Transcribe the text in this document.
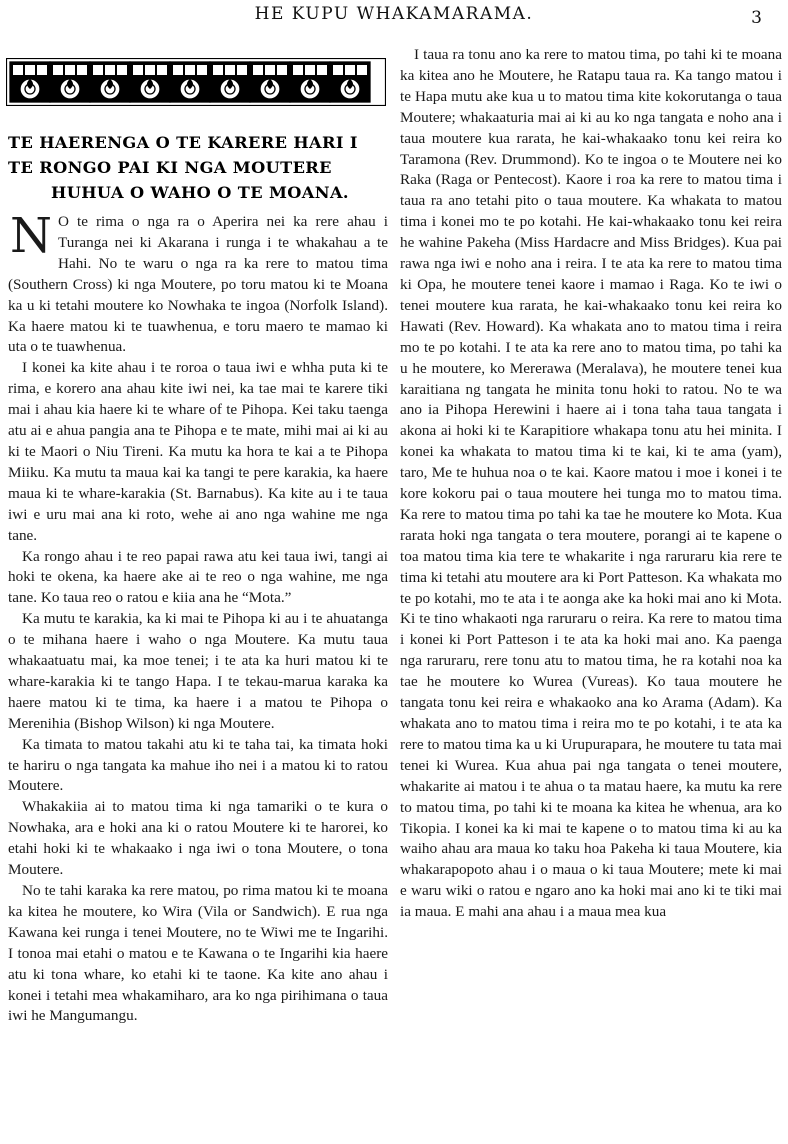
HE KUPU WHAKAMARAMA.	3
TE HAERENGA O TE KARERE HARI I
TE RONGO PAI KI NGA MOUTERE
HUHUA O WAHO O TE MOANA.

N O te rima o nga ra o Aperira nei ka rere ahau i Turanga nei ki Akarana i runga i te whakahau a te Hahi. No te waru o nga ra ka rere to matou tima (Southern Cross) ki nga Moutere, po toru matou ki te Moana ka u ki tetahi moutere ko Nowhaka te ingoa (Norfolk Island). Ka haere matou ki te tuawhenua, e toru maero te mamao ki uta o te tuawhenua.

I konei ka kite ahau i te roroa o taua iwi e whha puta ki te rima, e korero ana ahau kite iwi nei, ka tae mai te karere tiki mai i ahau kia haere ki te whare of te Pihopa. Kei taku taenga atu ai e ahua pangia ana te Pihopa e te mate, mihi mai ai ki au ki te Maori o Niu Tireni. Ka mutu ka hora te kai a te Pihopa Miiku. Ka mutu ta maua kai ka tangi te pere karakia, ka haere maua ki te whare-karakia (St. Barnabus). Ka kite au i te taua iwi e uru mai ana ki roto, wehe ai ano nga wahine me nga tane.

Ka rongo ahau i te reo papai rawa atu kei taua iwi, tangi ai hoki te okena, ka haere ake ai te reo o nga wahine, me nga tane. Ko taua reo o ratou e kiia ana he “Mota.”

Ka mutu te karakia, ka ki mai te Pihopa ki au i te ahuatanga o te mihana haere i waho o nga Moutere. Ka mutu taua whakaatuatu mai, ka moe tenei; i te ata ka huri matou ki te whare-karakia ki te tango Hapa. I te tekau-marua karaka ka haere matou ki te tima, ka haere i a matou te Pihopa o Merenihia (Bishop Wilson) ki nga Moutere.

Ka timata to matou takahi atu ki te taha tai, ka timata hoki te hariru o nga tangata ka mahue iho nei i a matou ki to ratou Moutere.

Whakakiia ai to matou tima ki nga tamariki o te kura o Nowhaka, ara e hoki ana ki o ratou Moutere ki te harorei, ko etahi hoki ki te whakaako i nga iwi o tona Moutere, o tona Moutere.

No te tahi karaka ka rere matou, po rima matou ki te moana ka kitea he moutere, ko Wira (Vila or Sandwich). E rua nga Kawana kei runga i tenei Moutere, no te Wiwi me te Ingarihi. I tonoa mai etahi o matou e te Kawana o te Ingarihi kia haere atu ki tona whare, ko etahi ki te taone. Ka kite ano ahau i konei i tetahi mea whakamiharo, ara ko nga pirihimana o taua iwi he Mangumangu.

I taua ra tonu ano ka rere to matou tima, po tahi ki te moana ka kitea ano he Moutere, he Ratapu taua ra. Ka tango matou i te Hapa mutu ake kua u to matou tima kite kokorutanga o taua Moutere; whakaaturia mai ai ki au ko nga tangata e noho ana i taua moutere kua rarata, he kai-whakaako tonu kei reira ko Taramona (Rev. Drummond). Ko te ingoa o te Moutere nei ko Raka (Raga or Pentecost). Kaore i roa ka rere to matou tima i taua ra ano tetahi pito o taua moutere. Ka whakata to matou tima i konei mo te po kotahi. He kai-whakaako tonu kei reira he wahine Pakeha (Miss Hardacre and Miss Bridges). Kua pai rawa nga iwi e noho ana i reira. I te ata ka rere to matou tima ki Opa, he moutere tenei kaore i mamao i Raga. Ko te iwi o tenei moutere kua rarata, he kai-whakaako tonu kei reira ko Hawati (Rev. Howard). Ka whakata ano to matou tima i reira mo te po kotahi. I te ata ka rere ano to matou tima, po tahi ka u he moutere, ko Mererawa (Meralava), he moutere tenei kua karaitiana ng tangata he minita tonu hoki to ratou. No te wa ano ia Pihopa Herewini i haere ai i tona taha taua tangata i akona ai hoki ki te Karapitiore whakapa tonu atu hei minita. I konei ka whakata to matou tima ki te kai, ki te ama (yam), taro, Me te huhua noa o te kai. Kaore matou i moe i konei i te kore kokoru pai o taua moutere hei tunga mo to matou tima. Ka rere to matou tima po tahi ka tae he moutere ko Mota. Kua rarata hoki nga tangata o tera moutere, porangi ai te kapene o toa matou tima kia tere te whakarite i nga raruraru kia rere te tima ki tetahi atu moutere ara ki Port Patteson. Ka whakata mo te po kotahi, mo te ata i te aonga ake ka hoki mai ano ki Mota. Ki te tino whakaoti nga raruraru o reira. Ka rere to matou tima i konei ki Port Patteson i te ata ka hoki mai ano. Ka paenga nga raruraru, rere tonu atu to matou tima, he ra kotahi noa ka tae he moutere ko Wurea (Vureas). Ko taua moutere he tangata tonu kei reira e whakaoko ana ko Arama (Adam). Ka whakata ano to matou tima i reira mo te po kotahi, i te ata ka rere to matou tima ka u ki Urupurapara, he moutere tu tata mai tenei ki Wurea. Kua ahua pai nga tangata o tenei moutere, whakarite ai matou i te ahua o ta matau haere, ka mutu ka rere to matou tima, po tahi ki te moana ka kitea he whenua, ara ko Tikopia. I konei ka ki mai te kapene o to matou tima ki au ka waiho ahau ara maua ko taku hoa Pakeha ki taua Moutere, kia whakarapopoto ahau i o maua o ki taua Moutere; mete ki mai e waru wiki o ratou e ngaro ano ka hoki mai ano ki te tiki mai ia maua. E mahi ana ahau i a maua mea kua
